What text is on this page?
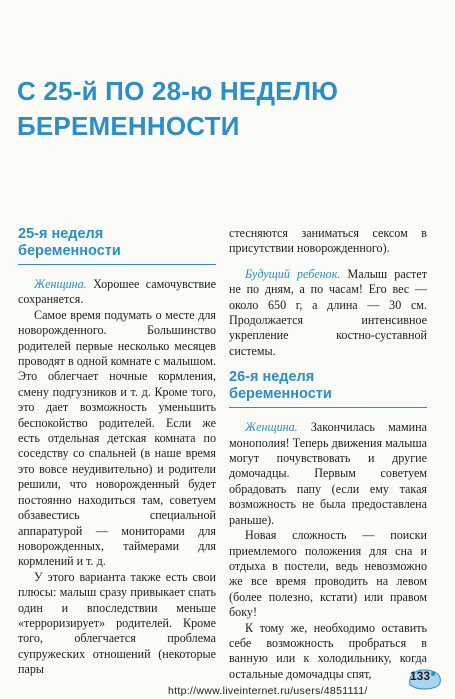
С 25-й ПО 28-ю НЕДЕЛЮ
БЕРЕМЕННОСТИ
25-я неделя
беременности

Женщина. Хорошее самочувствие сохраняется.

Самое время подумать о месте для новорожденного. Большинство родителей первые несколько месяцев проводят в одной комнате с малышом. Это облегчает ночные кормления, смену подгузников и т. д. Кроме того, это дает возможность уменьшить беспокойство родителей. Если же есть отдельная детская комната по соседству со спальней (в наше время это вовсе неудивительно) и родители решили, что новорожденный будет постоянно находиться там, советуем обзавестись специальной аппаратурой — мониторами для новорожденных, таймерами для кормлений и т. д.

У этого варианта также есть свои плюсы: малыш сразу привыкает спать один и впоследствии меньше «терроризирует» родителей. Кроме того, облегчается проблема супружеских отношений (некоторые пары

стесняются заниматься сексом в присутствии новорожденного).

Будущий ребенок. Малыш растет не по дням, а по часам! Его вес — около 650 г, а длина — 30 см. Продолжается интенсивное укрепление костно-суставной системы.

26-я неделя
беременности

Женщина. Закончилась мамина монополия! Теперь движения малыша могут почувствовать и другие домочадцы. Первым советуем обрадовать папу (если ему такая возможность не была предоставлена раньше).

Новая сложность — поиски приемлемого положения для сна и отдыха в постели, ведь невозможно же все время проводить на левом (более полезно, кстати) или правом боку!

К тому же, необходимо оставить себе возможность пробраться в ванную или к холодильнику, когда остальные домочадцы спят,	133
http://www.liveinternet.ru/users/4851111/
